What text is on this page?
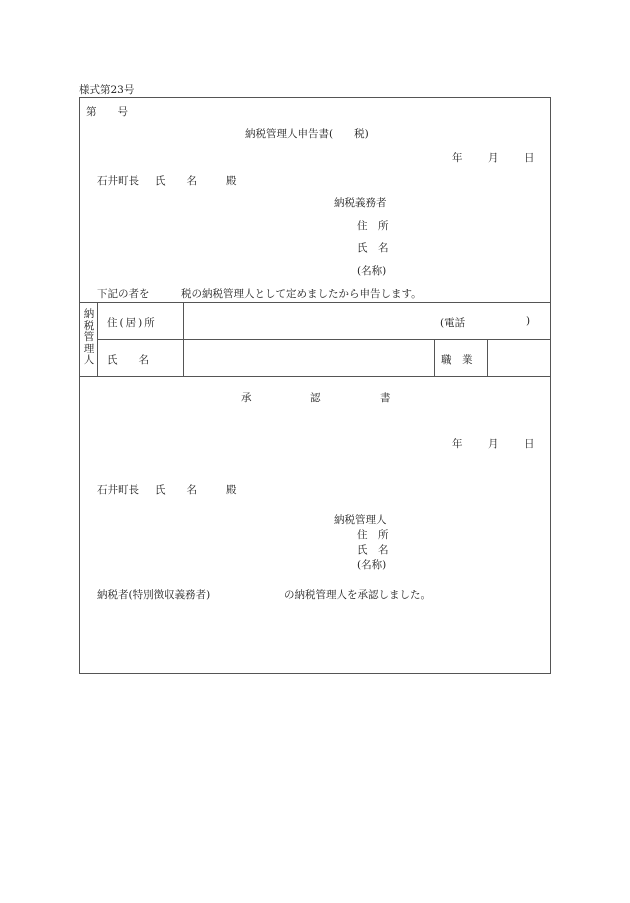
様式第23号
第　　号
納税管理人申告書(　　税)
年 月 日
石井町長 氏　　名	殿
納税義務者
住　所
氏　名
(名称)
下記の者を　　　税の納税管理人として定めましたから申告します。
納
税
管
理
人
住(居)所	(電話	)
氏　　名	職　業
承	認	書
年 月 日
石井町長 氏　　名	殿
納税管理人
住　所
氏　名
(名称)
納税者(特別徴収義務者)	の納税管理人を承認しました。
